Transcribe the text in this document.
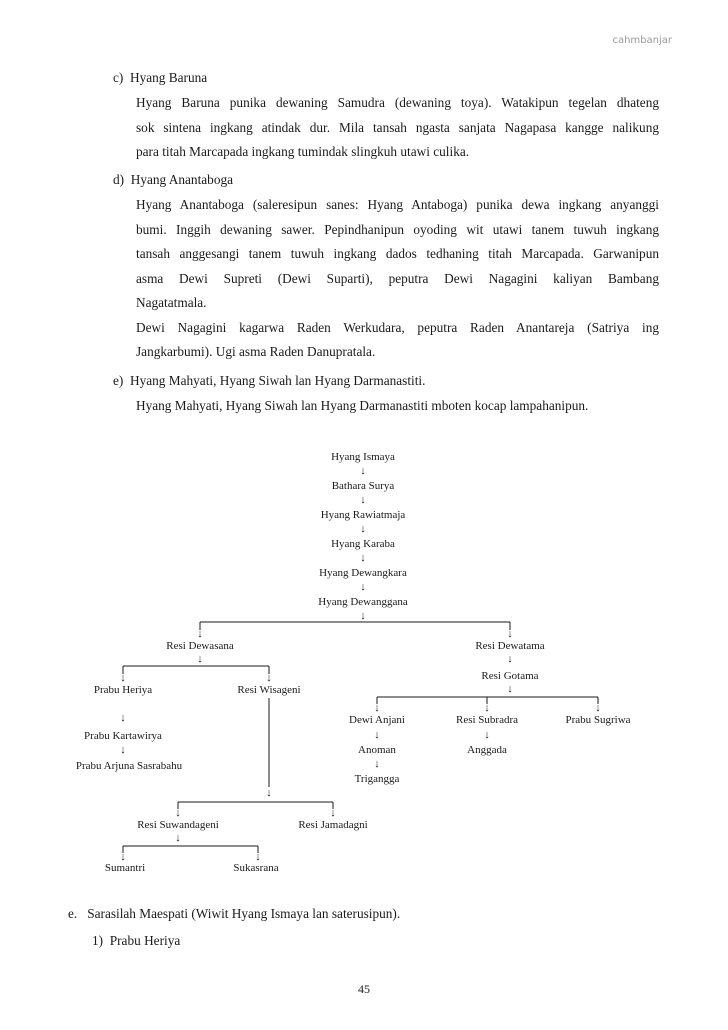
cahmbanjar
c) Hyang Baruna
Hyang Baruna punika dewaning Samudra (dewaning toya). Watakipun tegelan dhateng
sok sintena ingkang atindak dur. Mila tansah ngasta sanjata Nagapasa kangge nalikung
para titah Marcapada ingkang tumindak slingkuh utawi culika.
d) Hyang Anantaboga
Hyang Anantaboga (saleresipun sanes: Hyang Antaboga) punika dewa ingkang anyanggi
bumi. Inggih dewaning sawer. Pepindhanipun oyoding wit utawi tanem tuwuh ingkang
tansah anggesangi tanem tuwuh ingkang dados tedhaning titah Marcapada. Garwanipun
asma Dewi Supreti (Dewi Suparti), peputra Dewi Nagagini kaliyan Bambang
Nagatatmala.
Dewi Nagagini kagarwa Raden Werkudara, peputra Raden Anantareja (Satriya ing
Jangkarbumi). Ugi asma Raden Danupratala.
e) Hyang Mahyati, Hyang Siwah lan Hyang Darmanastiti.
Hyang Mahyati, Hyang Siwah lan Hyang Darmanastiti mboten kocap lampahanipun.
Hyang Ismaya
↓
Bathara Surya
↓
Hyang Rawiatmaja
↓
Hyang Karaba
↓
Hyang Dewangkara
↓
Hyang Dewanggana
↓
↓	↓
Resi Dewasana	Resi Dewatama
↓
↓	↓
Prabu Heriya	Resi Wisageni
↓
Prabu Kartawirya
↓
Prabu Arjuna Sasrabahu
↓
↓	↓
Resi Suwandageni	Resi Jamadagni
↓
↓	↓
Sumantri	Sukasrana
↓
Resi Gotama
↓
↓	↓	↓
Dewi Anjani	Resi Subradra	Prabu Sugriwa
↓
Anoman
↓
Trigangga
↓
Anggada
e. Sarasilah Maespati (Wiwit Hyang Ismaya lan saterusipun).
1) Prabu Heriya
45
